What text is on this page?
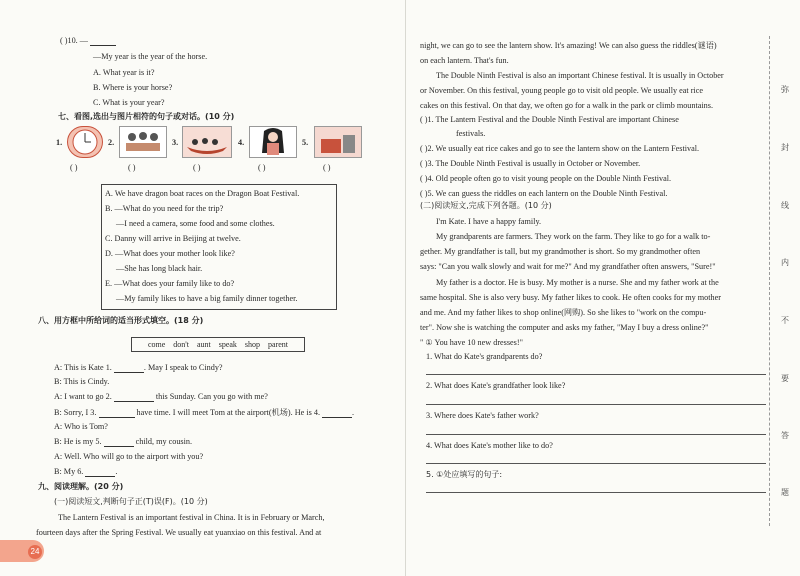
( )10. —
—My year is the year of the horse.
A. What year is it?
B. Where is your horse?
C. What is your year?
七、看图,选出与图片相符的句子或对话。(10 分)
1.	2.	3.	4.	5.
( )	( )	( )	( )	( )
A. We have dragon boat races on the Dragon Boat Festival.
B. —What do you need for the trip?
—I need a camera, some food and some clothes.
C. Danny will arrive in Beijing at twelve.
D. —What does your mother look like?
—She has long black hair.
E. —What does your family like to do?
—My family likes to have a big family dinner together.
八、用方框中所给词的适当形式填空。(18 分)
come don't aunt speak shop parent
A: This is Kate 1.	. May I speak to Cindy?
B: This is Cindy.
A: I want to go 2.	this Sunday. Can you go with me?
B: Sorry, I 3.	have time. I will meet Tom at the airport(机场). He is 4.	.
A: Who is Tom?
B: He is my 5.	child, my cousin.
A: Well. Who will go to the airport with you?
B: My 6.	.
九、阅读理解。(20 分)
(一)阅读短文,判断句子正(T)误(F)。(10 分)
The Lantern Festival is an important festival in China. It is in February or March,
fourteen days after the Spring Festival. We usually eat yuanxiao on this festival. And at
24
night, we can go to see the lantern show. It's amazing! We can also guess the riddles(谜语)
on each lantern. That's fun.
The Double Ninth Festival is also an important Chinese festival. It is usually in October
or November. On this festival, young people go to visit old people. We usually eat rice
cakes on this festival. On that day, we often go for a walk in the park or climb mountains.
( )1. The Lantern Festival and the Double Ninth Festival are important Chinese
festivals.
( )2. We usually eat rice cakes and go to see the lantern show on the Lantern Festival.
( )3. The Double Ninth Festival is usually in October or November.
( )4. Old people often go to visit young people on the Double Ninth Festival.
( )5. We can guess the riddles on each lantern on the Double Ninth Festival.
(二)阅读短文,完成下列各题。(10 分)
I'm Kate. I have a happy family.
My grandparents are farmers. They work on the farm. They like to go for a walk to-
gether. My grandfather is tall, but my grandmother is short. So my grandmother often
says: "Can you walk slowly and wait for me?" And my grandfather often answers, "Sure!"
My father is a doctor. He is busy. My mother is a nurse. She and my father work at the
same hospital. She is also very busy. My father likes to cook. He often cooks for my mother
and me. And my father likes to shop online(网购). So she likes to "work on the compu-
ter". Now she is watching the computer and asks my father, "May I buy a dress online?"
" ① You have 10 new dresses!"
1. What do Kate's grandparents do?
2. What does Kate's grandfather look like?
3. Where does Kate's father work?
4. What does Kate's mother like to do?
5. ①处应填写的句子:
弥
封
线
内
不
要
答
题
